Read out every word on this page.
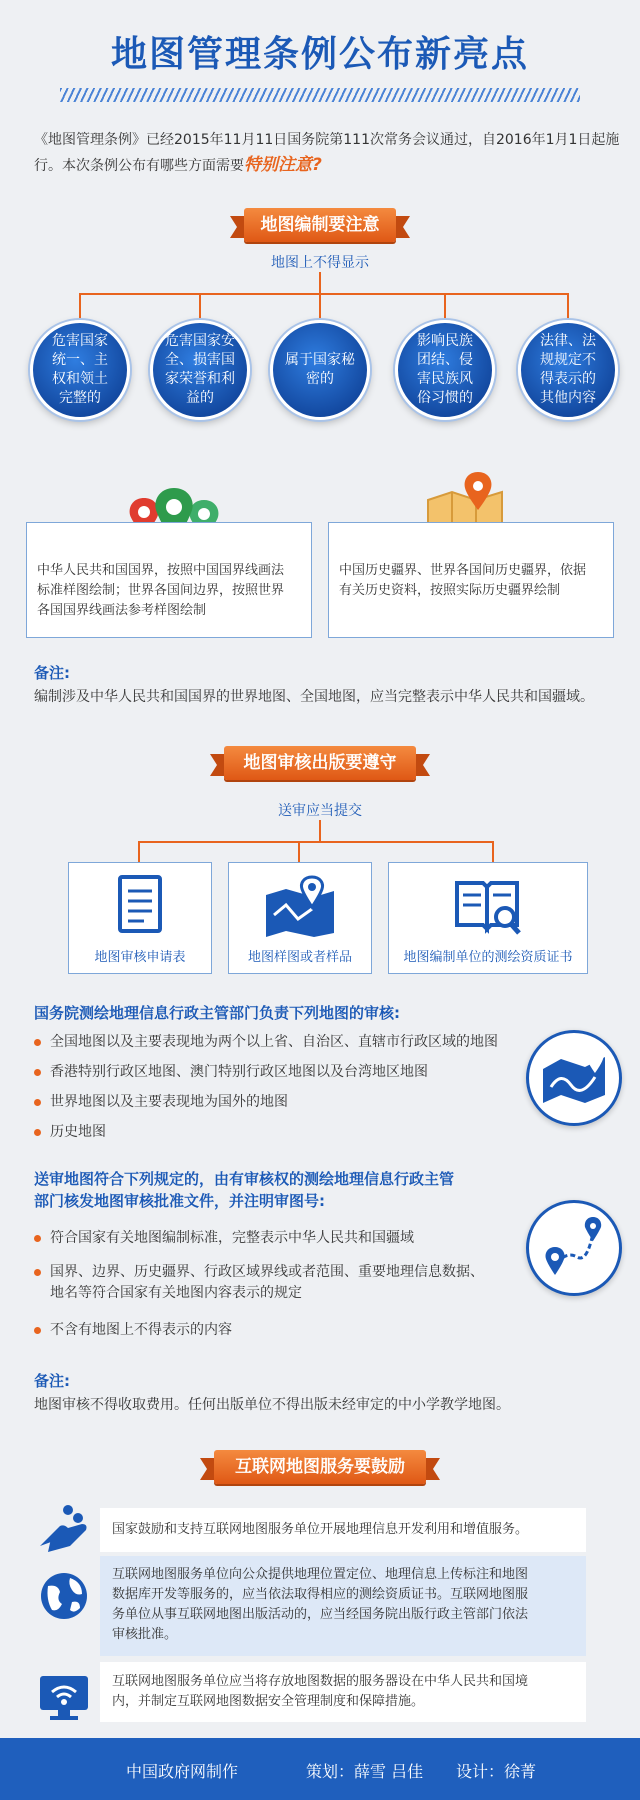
地图管理条例公布新亮点
《地图管理条例》已经2015年11月11日国务院第111次常务会议通过，自2016年1月1日起施行。本次条例公布有哪些方面需要特别注意?
地图编制要注意
地图上不得显示
危害国家
统一、主
权和领土
完整的
危害国家安
全、损害国
家荣誉和利
益的
属于国家秘
密的
影响民族
团结、侵
害民族风
俗习惯的
法律、法
规规定不
得表示的
其他内容
中华人民共和国国界，按照中国国界线画法
标准样图绘制；世界各国间边界，按照世界
各国国界线画法参考样图绘制
中国历史疆界、世界各国间历史疆界，依据
有关历史资料，按照实际历史疆界绘制
备注:
编制涉及中华人民共和国国界的世界地图、全国地图，应当完整表示中华人民共和国疆域。
地图审核出版要遵守
送审应当提交
地图审核申请表	地图样图或者样品	地图编制单位的测绘资质证书
国务院测绘地理信息行政主管部门负责下列地图的审核:
全国地图以及主要表现地为两个以上省、自治区、直辖市行政区域的地图
香港特别行政区地图、澳门特别行政区地图以及台湾地区地图
世界地图以及主要表现地为国外的地图
历史地图
送审地图符合下列规定的，由有审核权的测绘地理信息行政主管
部门核发地图审核批准文件，并注明审图号:
符合国家有关地图编制标准，完整表示中华人民共和国疆域
国界、边界、历史疆界、行政区域界线或者范围、重要地理信息数据、
地名等符合国家有关地图内容表示的规定
不含有地图上不得表示的内容
备注:
地图审核不得收取费用。任何出版单位不得出版未经审定的中小学教学地图。
互联网地图服务要鼓励
国家鼓励和支持互联网地图服务单位开展地理信息开发利用和增值服务。
互联网地图服务单位向公众提供地理位置定位、地理信息上传标注和地图
数据库开发等服务的，应当依法取得相应的测绘资质证书。互联网地图服
务单位从事互联网地图出版活动的，应当经国务院出版行政主管部门依法
审核批准。
互联网地图服务单位应当将存放地图数据的服务器设在中华人民共和国境
内，并制定互联网地图数据安全管理制度和保障措施。
中国政府网制作	策划：薛雪 吕佳 设计：徐菁
